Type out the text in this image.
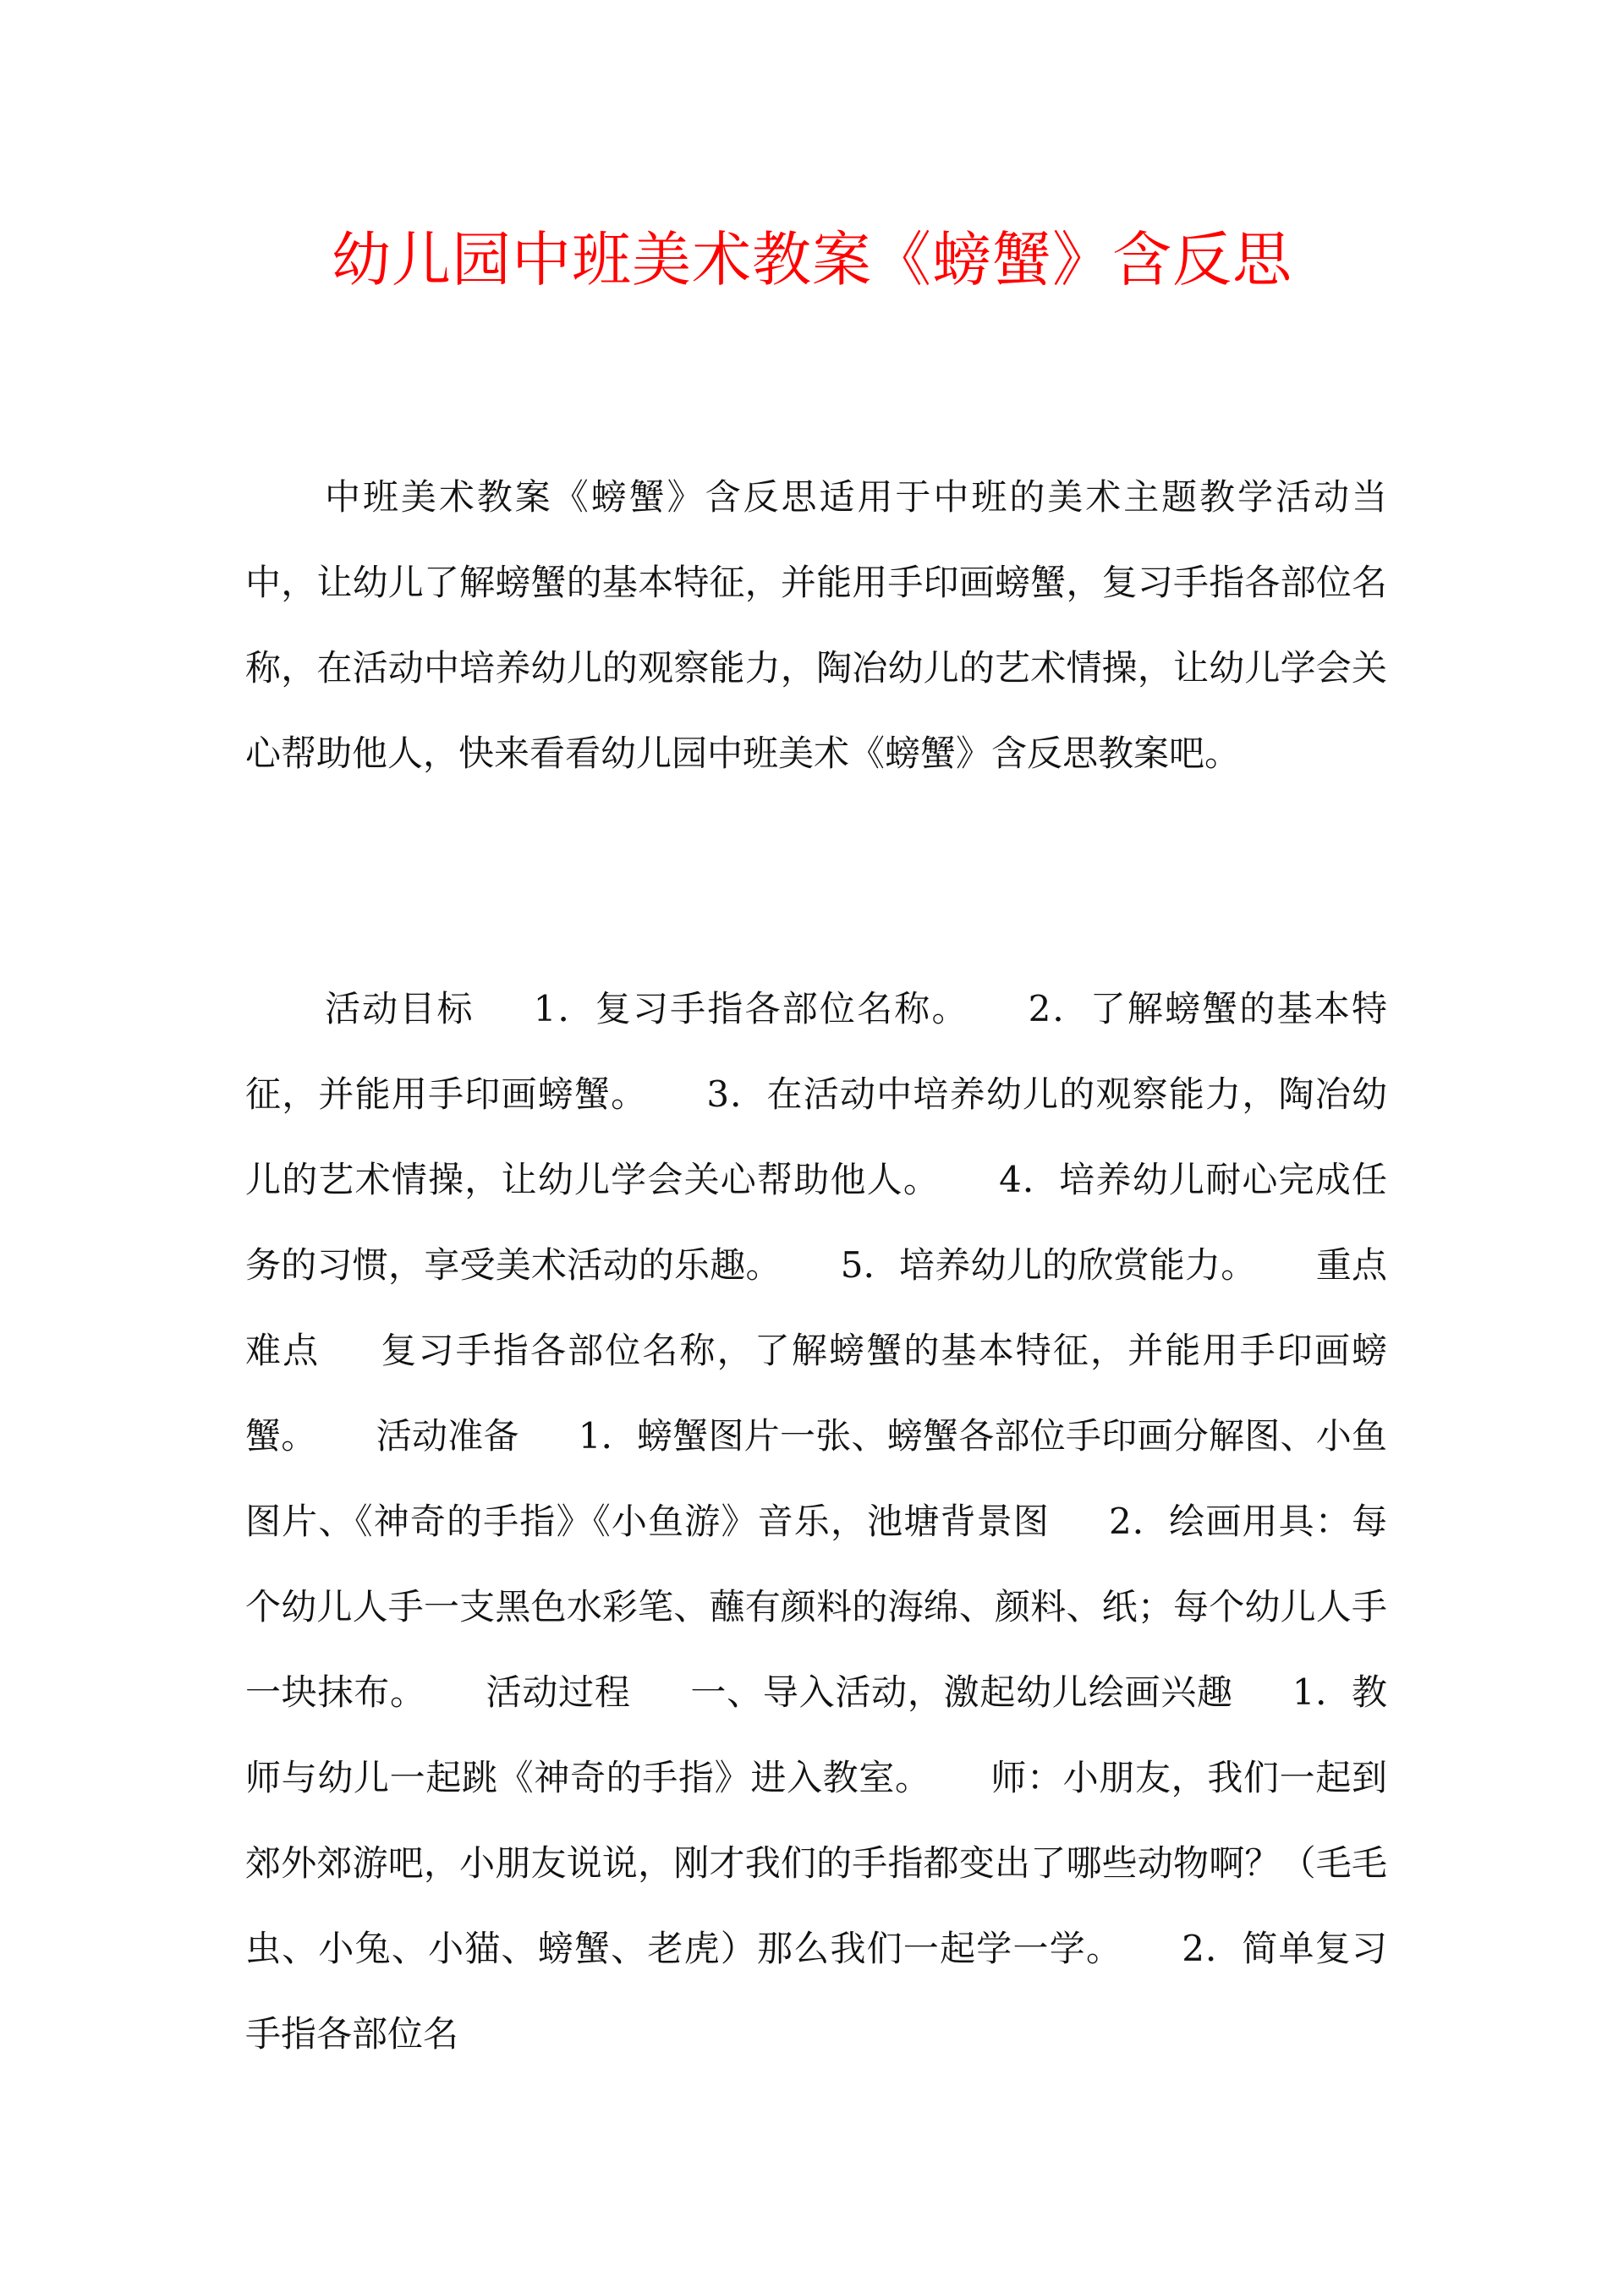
幼儿园中班美术教案《螃蟹》含反思

中班美术教案《螃蟹》含反思适用于中班的美术主题教学活动当中，让幼儿了解螃蟹的基本特征，并能用手印画螃蟹，复习手指各部位名称，在活动中培养幼儿的观察能力，陶冶幼儿的艺术情操，让幼儿学会关心帮助他人，快来看看幼儿园中班美术《螃蟹》含反思教案吧。

活动目标 1．复习手指各部位名称。 2．了解螃蟹的基本特征，并能用手印画螃蟹。 3．在活动中培养幼儿的观察能力，陶冶幼儿的艺术情操，让幼儿学会关心帮助他人。 4．培养幼儿耐心完成任务的习惯，享受美术活动的乐趣。 5．培养幼儿的欣赏能力。 重点难点 复习手指各部位名称，了解螃蟹的基本特征，并能用手印画螃蟹。 活动准备 1．螃蟹图片一张、螃蟹各部位手印画分解图、小鱼图片、《神奇的手指》《小鱼游》音乐，池塘背景图 2．绘画用具：每个幼儿人手一支黑色水彩笔、蘸有颜料的海绵、颜料、纸；每个幼儿人手一块抹布。 活动过程 一、导入活动，激起幼儿绘画兴趣 1．教师与幼儿一起跳《神奇的手指》进入教室。 师：小朋友，我们一起到郊外郊游吧，小朋友说说，刚才我们的手指都变出了哪些动物啊？（毛毛虫、小兔、小猫、螃蟹、老虎）那么我们一起学一学。 2．简单复习手指各部位名
